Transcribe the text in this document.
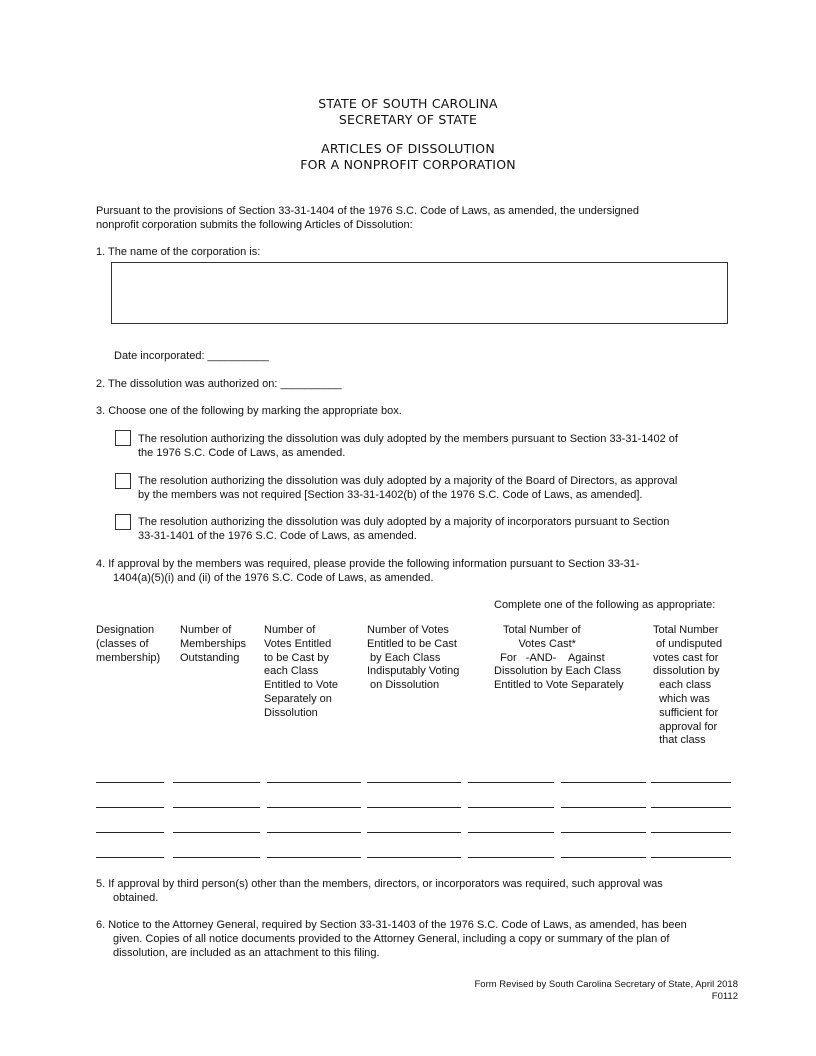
STATE OF SOUTH CAROLINA
SECRETARY OF STATE
ARTICLES OF DISSOLUTION
FOR A NONPROFIT CORPORATION
Pursuant to the provisions of Section 33-31-1404 of the 1976 S.C. Code of Laws, as amended, the undersigned
nonprofit corporation submits the following Articles of Dissolution:
1. The name of the corporation is:
Date incorporated: __________
2. The dissolution was authorized on: __________
3. Choose one of the following by marking the appropriate box.
The resolution authorizing the dissolution was duly adopted by the members pursuant to Section 33-31-1402 of
the 1976 S.C. Code of Laws, as amended.
The resolution authorizing the dissolution was duly adopted by a majority of the Board of Directors, as approval
by the members was not required [Section 33-31-1402(b) of the 1976 S.C. Code of Laws, as amended].
The resolution authorizing the dissolution was duly adopted by a majority of incorporators pursuant to Section
33-31-1401 of the 1976 S.C. Code of Laws, as amended.
4. If approval by the members was required, please provide the following information pursuant to Section 33-31-
1404(a)(5)(i) and (ii) of the 1976 S.C. Code of Laws, as amended.
Complete one of the following as appropriate:
Designation
(classes of
membership)
Number of
Memberships
Outstanding
Number of
Votes Entitled
to be Cast by
each Class
Entitled to Vote
Separately on
Dissolution
Number of Votes
Entitled to be Cast
by Each Class
Indisputably Voting
on Dissolution
Total Number of
Votes Cast*
For   -AND-    Against
Dissolution by Each Class
Entitled to Vote Separately
Total Number
of undisputed
votes cast for
dissolution by
each class
which was
sufficient for
approval for
that class
5. If approval by third person(s) other than the members, directors, or incorporators was required, such approval was
obtained.
6. Notice to the Attorney General, required by Section 33-31-1403 of the 1976 S.C. Code of Laws, as amended, has been
given. Copies of all notice documents provided to the Attorney General, including a copy or summary of the plan of
dissolution, are included as an attachment to this filing.
Form Revised by South Carolina Secretary of State, April 2018
F0112
